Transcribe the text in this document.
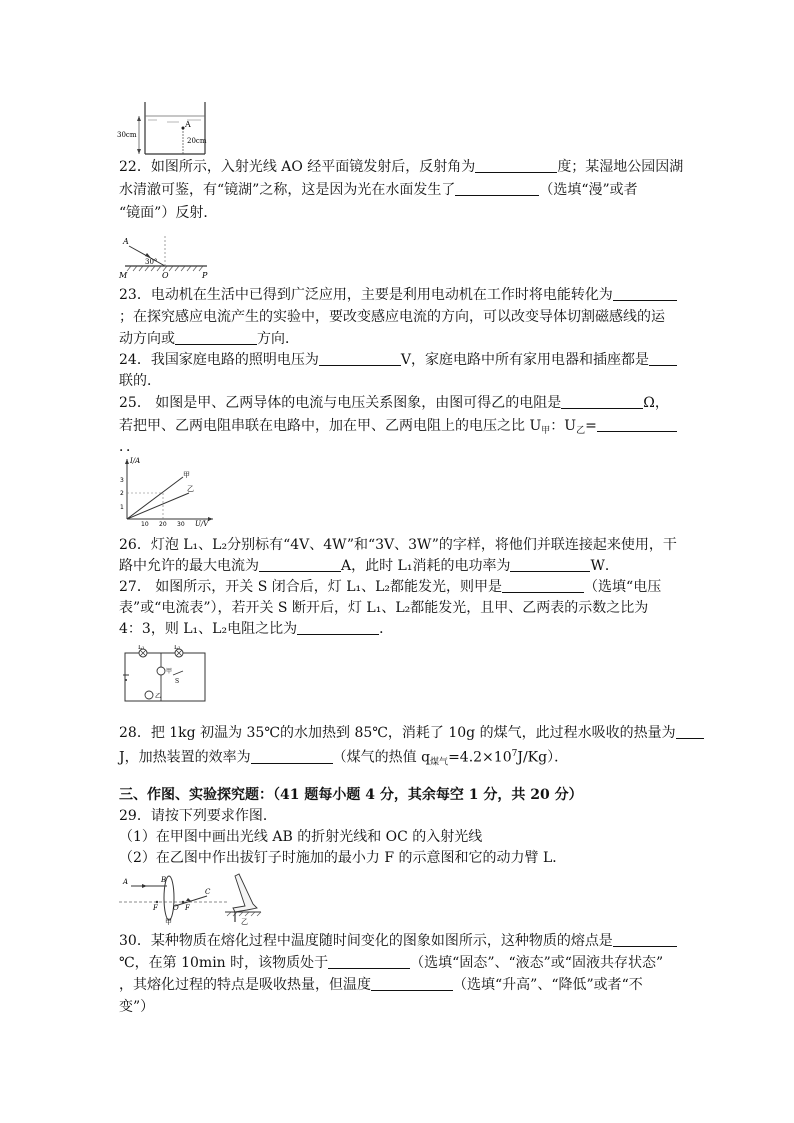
A
30cm
20cm
22．如图所示，入射光线 AO 经平面镜发射后，反射角为	度；某湿地公园因湖
水清澈可鉴，有“镜湖”之称，这是因为光在水面发生了	（选填“漫”或者
“镜面”）反射．
A
30°
M	O	P
23．电动机在生活中已得到广泛应用，主要是利用电动机在工作时将电能转化为
；在探究感应电流产生的实验中，要改变感应电流的方向，可以改变导体切割磁感线的运
动方向或	方向．
24．我国家庭电路的照明电压为	V，家庭电路中所有家用电器和插座都是
联的．
25． 如图是甲、乙两导体的电流与电压关系图象，由图可得乙的电阻是	Ω，
若把甲、乙两电阻串联在电路中，加在甲、乙两电阻上的电压之比 $U_甲$：$U_乙=$
．．
I/A
U/V
1
2
3
10 20 30
甲
乙
26．灯泡 L₁、L₂分别标有“4V、4W”和“3V、3W”的字样，将他们并联连接起来使用，干
路中允许的最大电流为	A，此时 L₁消耗的电功率为	W．
27． 如图所示，开关 S 闭合后，灯 L₁、L₂都能发光，则甲是	（选填“电压
表”或“电流表”），若开关 S 断开后，灯 L₁、L₂都能发光，且甲、乙两表的示数之比为
4：3，则 L₁、L₂电阻之比为	．
L₁	L₂
甲
乙
S
28．把 1kg 初温为 35℃的水加热到 85℃，消耗了 10g 的煤气，此过程水吸收的热量为
J，加热装置的效率为	（煤气的热值 $q_{煤气}=4.2\times 10^7J/Kg$）．
三、作图、实验探究题：（41 题每小题 4 分，其余每空 1 分，共 20 分）
29．请按下列要求作图．
（1）在甲图中画出光线 AB 的折射光线和 OC 的入射光线
（2）在乙图中作出拔钉子时施加的最小力 F 的示意图和它的动力臂 L．
A	B
F O
C
F
甲	乙
30．某种物质在熔化过程中温度随时间变化的图象如图所示，这种物质的熔点是
℃，在第 10min 时，该物质处于	（选填“固态”、“液态”或“固液共存状态”
，其熔化过程的特点是吸收热量，但温度	（选填“升高”、“降低”或者“不
变”）
